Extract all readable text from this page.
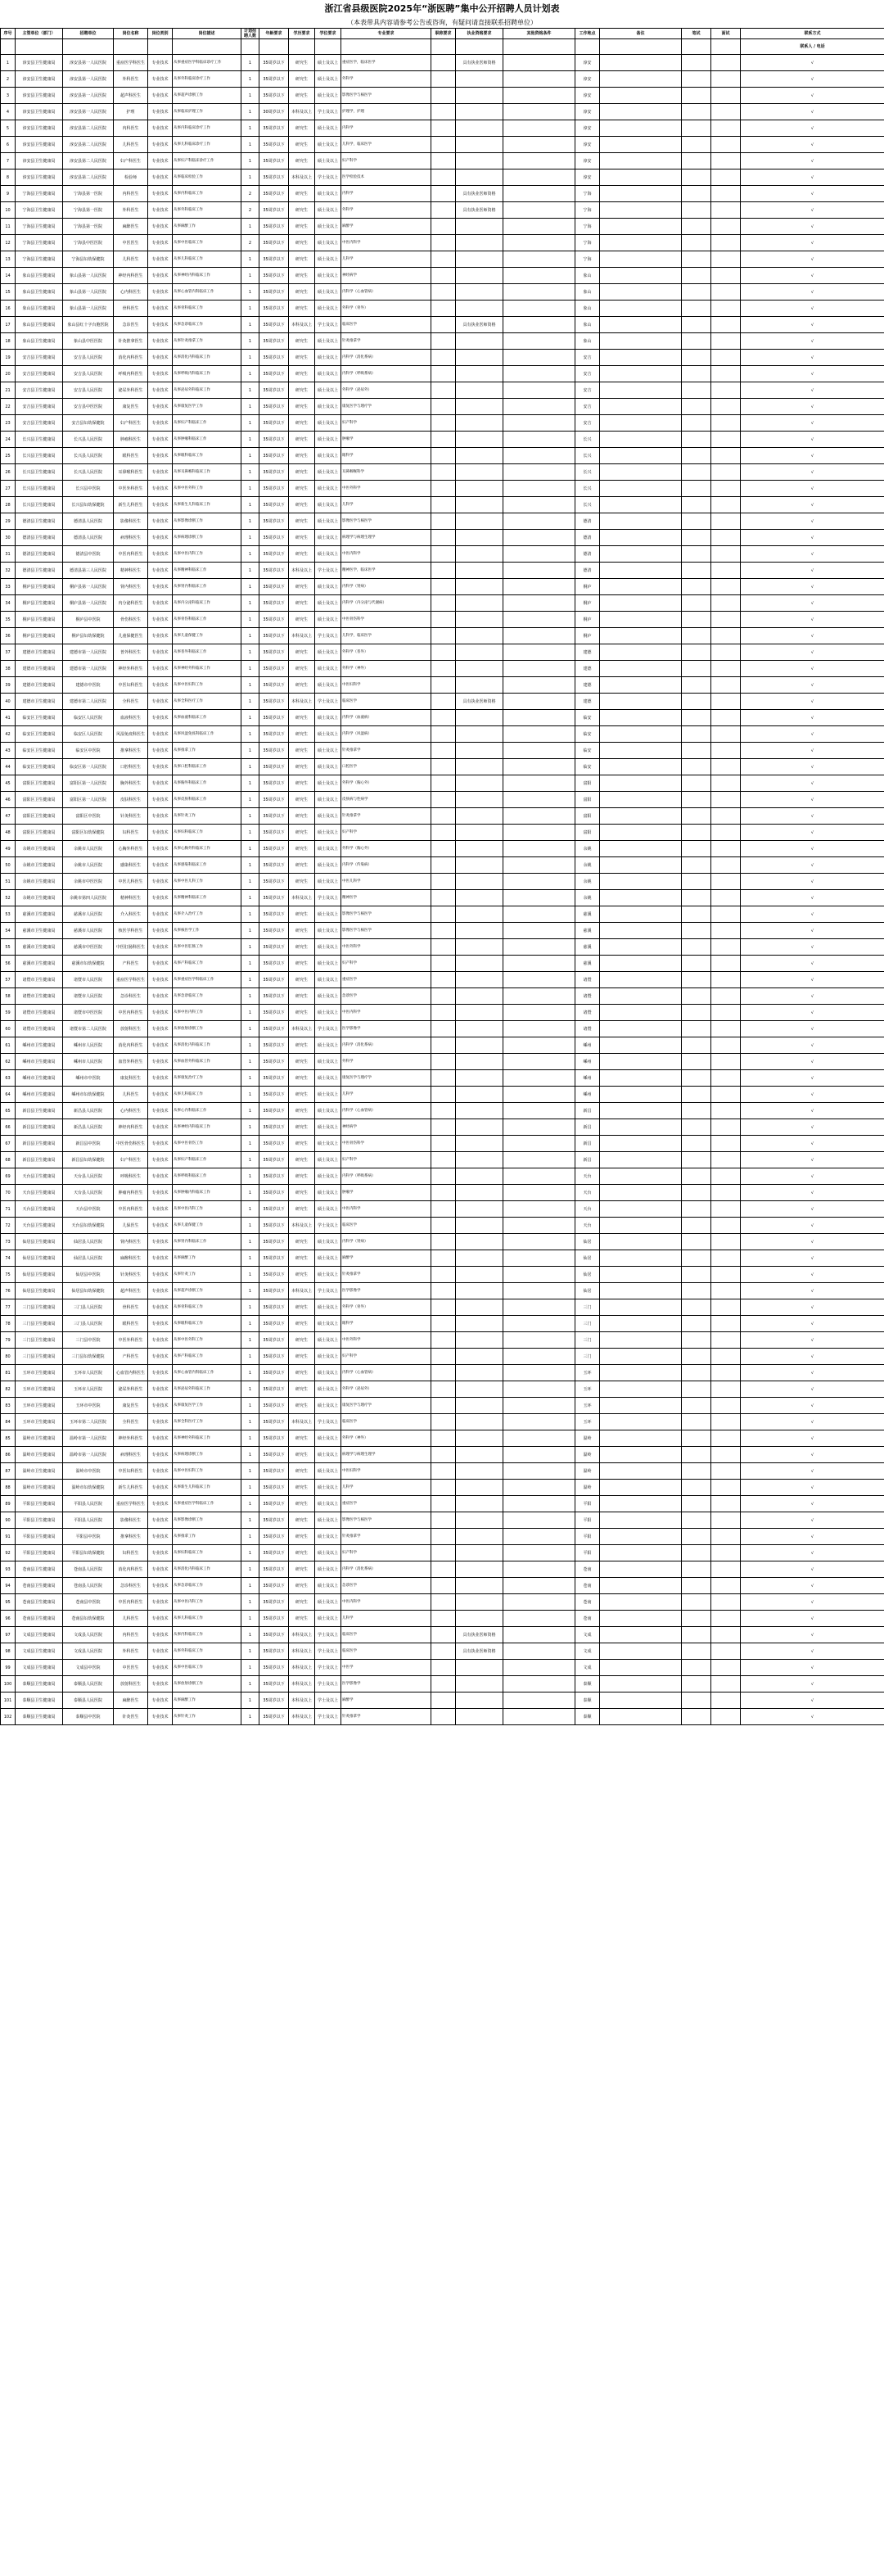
浙江省县级医院2025年“浙医聘”集中公开招聘人员计划表
（本表带具内容请参考公告或咨询，有疑问请直接联系招聘单位）
序号	主管单位（部门）	招聘单位	岗位名称	岗位类别	岗位描述	计划招聘人数	年龄要求	学历要求	学位要求	专业要求	职称要求	执业资格要求	其他资格条件	工作地点	备注	笔试	面试	联系方式
																		联系人 / 电话
1	淳安县卫生健康局	淳安县第一人民医院	重症医学科医生	专业技术	从事重症医学科临床诊疗工作	1	35周岁以下	研究生	硕士及以上	重症医学，临床医学		具有执业医师资格		淳安				√
2	淳安县卫生健康局	淳安县第一人民医院	外科医生	专业技术	从事外科临床诊疗工作	1	35周岁以下	研究生	硕士及以上	外科学				淳安				√
3	淳安县卫生健康局	淳安县第一人民医院	超声科医生	专业技术	从事超声诊断工作	1	35周岁以下	研究生	硕士及以上	影像医学与核医学				淳安				√
4	淳安县卫生健康局	淳安县第一人民医院	护理	专业技术	从事临床护理工作	1	30周岁以下	本科及以上	学士及以上	护理学，护理				淳安				√
5	淳安县卫生健康局	淳安县第二人民医院	内科医生	专业技术	从事内科临床诊疗工作	1	35周岁以下	研究生	硕士及以上	内科学				淳安				√
6	淳安县卫生健康局	淳安县第二人民医院	儿科医生	专业技术	从事儿科临床诊疗工作	1	35周岁以下	研究生	硕士及以上	儿科学，临床医学				淳安				√
7	淳安县卫生健康局	淳安县第二人民医院	妇产科医生	专业技术	从事妇产科临床诊疗工作	1	35周岁以下	研究生	硕士及以上	妇产科学				淳安				√
8	淳安县卫生健康局	淳安县第二人民医院	检验师	专业技术	从事临床检验工作	1	35周岁以下	本科及以上	学士及以上	医学检验技术				淳安				√
9	宁海县卫生健康局	宁海县第一医院	内科医生	专业技术	从事内科临床工作	2	35周岁以下	研究生	硕士及以上	内科学		具有执业医师资格		宁海				√
10	宁海县卫生健康局	宁海县第一医院	外科医生	专业技术	从事外科临床工作	2	35周岁以下	研究生	硕士及以上	外科学		具有执业医师资格		宁海				√
11	宁海县卫生健康局	宁海县第一医院	麻醉医生	专业技术	从事麻醉工作	1	35周岁以下	研究生	硕士及以上	麻醉学				宁海				√
12	宁海县卫生健康局	宁海县中医医院	中医医生	专业技术	从事中医临床工作	2	35周岁以下	研究生	硕士及以上	中医内科学				宁海				√
13	宁海县卫生健康局	宁海县妇幼保健院	儿科医生	专业技术	从事儿科临床工作	1	35周岁以下	研究生	硕士及以上	儿科学				宁海				√
14	象山县卫生健康局	象山县第一人民医院	神经内科医生	专业技术	从事神经内科临床工作	1	35周岁以下	研究生	硕士及以上	神经病学				象山				√
15	象山县卫生健康局	象山县第一人民医院	心内科医生	专业技术	从事心血管内科临床工作	1	35周岁以下	研究生	硕士及以上	内科学（心血管病）				象山				√
16	象山县卫生健康局	象山县第一人民医院	骨科医生	专业技术	从事骨科临床工作	1	35周岁以下	研究生	硕士及以上	外科学（骨外）				象山				√
17	象山县卫生健康局	象山县红十字台胞医院	急诊医生	专业技术	从事急诊临床工作	1	35周岁以下	本科及以上	学士及以上	临床医学		具有执业医师资格		象山				√
18	象山县卫生健康局	象山县中医医院	针灸推拿医生	专业技术	从事针灸推拿工作	1	35周岁以下	研究生	硕士及以上	针灸推拿学				象山				√
19	安吉县卫生健康局	安吉县人民医院	消化内科医生	专业技术	从事消化内科临床工作	1	35周岁以下	研究生	硕士及以上	内科学（消化系病）				安吉				√
20	安吉县卫生健康局	安吉县人民医院	呼吸内科医生	专业技术	从事呼吸内科临床工作	1	35周岁以下	研究生	硕士及以上	内科学（呼吸系病）				安吉				√
21	安吉县卫生健康局	安吉县人民医院	泌尿外科医生	专业技术	从事泌尿外科临床工作	1	35周岁以下	研究生	硕士及以上	外科学（泌尿外）				安吉				√
22	安吉县卫生健康局	安吉县中医医院	康复医生	专业技术	从事康复医学工作	1	35周岁以下	研究生	硕士及以上	康复医学与理疗学				安吉				√
23	安吉县卫生健康局	安吉县妇幼保健院	妇产科医生	专业技术	从事妇产科临床工作	1	35周岁以下	研究生	硕士及以上	妇产科学				安吉				√
24	长兴县卫生健康局	长兴县人民医院	肿瘤科医生	专业技术	从事肿瘤科临床工作	1	35周岁以下	研究生	硕士及以上	肿瘤学				长兴				√
25	长兴县卫生健康局	长兴县人民医院	眼科医生	专业技术	从事眼科临床工作	1	35周岁以下	研究生	硕士及以上	眼科学				长兴				√
26	长兴县卫生健康局	长兴县人民医院	耳鼻喉科医生	专业技术	从事耳鼻喉科临床工作	1	35周岁以下	研究生	硕士及以上	耳鼻咽喉科学				长兴				√
27	长兴县卫生健康局	长兴县中医院	中医外科医生	专业技术	从事中医外科工作	1	35周岁以下	研究生	硕士及以上	中医外科学				长兴				√
28	长兴县卫生健康局	长兴县妇幼保健院	新生儿科医生	专业技术	从事新生儿科临床工作	1	35周岁以下	研究生	硕士及以上	儿科学				长兴				√
29	德清县卫生健康局	德清县人民医院	影像科医生	专业技术	从事影像诊断工作	1	35周岁以下	研究生	硕士及以上	影像医学与核医学				德清				√
30	德清县卫生健康局	德清县人民医院	病理科医生	专业技术	从事病理诊断工作	1	35周岁以下	研究生	硕士及以上	病理学与病理生理学				德清				√
31	德清县卫生健康局	德清县中医院	中医内科医生	专业技术	从事中医内科工作	1	35周岁以下	研究生	硕士及以上	中医内科学				德清				√
32	德清县卫生健康局	德清县第三人民医院	精神科医生	专业技术	从事精神科临床工作	1	35周岁以下	本科及以上	学士及以上	精神医学，临床医学				德清				√
33	桐庐县卫生健康局	桐庐县第一人民医院	肾内科医生	专业技术	从事肾内科临床工作	1	35周岁以下	研究生	硕士及以上	内科学（肾病）				桐庐				√
34	桐庐县卫生健康局	桐庐县第一人民医院	内分泌科医生	专业技术	从事内分泌科临床工作	1	35周岁以下	研究生	硕士及以上	内科学（内分泌与代谢病）				桐庐				√
35	桐庐县卫生健康局	桐庐县中医院	骨伤科医生	专业技术	从事骨伤科临床工作	1	35周岁以下	研究生	硕士及以上	中医骨伤科学				桐庐				√
36	桐庐县卫生健康局	桐庐县妇幼保健院	儿童保健医生	专业技术	从事儿童保健工作	1	35周岁以下	本科及以上	学士及以上	儿科学，临床医学				桐庐				√
37	建德市卫生健康局	建德市第一人民医院	普外科医生	专业技术	从事普外科临床工作	1	35周岁以下	研究生	硕士及以上	外科学（普外）				建德				√
38	建德市卫生健康局	建德市第一人民医院	神经外科医生	专业技术	从事神经外科临床工作	1	35周岁以下	研究生	硕士及以上	外科学（神外）				建德				√
39	建德市卫生健康局	建德市中医院	中医妇科医生	专业技术	从事中医妇科工作	1	35周岁以下	研究生	硕士及以上	中医妇科学				建德				√
40	建德市卫生健康局	建德市第二人民医院	全科医生	专业技术	从事全科医疗工作	1	35周岁以下	本科及以上	学士及以上	临床医学		具有执业医师资格		建德				√
41	临安区卫生健康局	临安区人民医院	血液科医生	专业技术	从事血液科临床工作	1	35周岁以下	研究生	硕士及以上	内科学（血液病）				临安				√
42	临安区卫生健康局	临安区人民医院	风湿免疫科医生	专业技术	从事风湿免疫科临床工作	1	35周岁以下	研究生	硕士及以上	内科学（风湿病）				临安				√
43	临安区卫生健康局	临安区中医院	推拿科医生	专业技术	从事推拿工作	1	35周岁以下	研究生	硕士及以上	针灸推拿学				临安				√
44	临安区卫生健康局	临安区第一人民医院	口腔科医生	专业技术	从事口腔科临床工作	1	35周岁以下	研究生	硕士及以上	口腔医学				临安				√
45	富阳区卫生健康局	富阳区第一人民医院	胸外科医生	专业技术	从事胸外科临床工作	1	35周岁以下	研究生	硕士及以上	外科学（胸心外）				富阳				√
46	富阳区卫生健康局	富阳区第一人民医院	皮肤科医生	专业技术	从事皮肤科临床工作	1	35周岁以下	研究生	硕士及以上	皮肤病与性病学				富阳				√
47	富阳区卫生健康局	富阳区中医院	针灸科医生	专业技术	从事针灸工作	1	35周岁以下	研究生	硕士及以上	针灸推拿学				富阳				√
48	富阳区卫生健康局	富阳区妇幼保健院	妇科医生	专业技术	从事妇科临床工作	1	35周岁以下	研究生	硕士及以上	妇产科学				富阳				√
49	余姚市卫生健康局	余姚市人民医院	心胸外科医生	专业技术	从事心胸外科临床工作	1	35周岁以下	研究生	硕士及以上	外科学（胸心外）				余姚				√
50	余姚市卫生健康局	余姚市人民医院	感染科医生	专业技术	从事感染科临床工作	1	35周岁以下	研究生	硕士及以上	内科学（传染病）				余姚				√
51	余姚市卫生健康局	余姚市中医医院	中医儿科医生	专业技术	从事中医儿科工作	1	35周岁以下	研究生	硕士及以上	中医儿科学				余姚				√
52	余姚市卫生健康局	余姚市第四人民医院	精神科医生	专业技术	从事精神科临床工作	1	35周岁以下	本科及以上	学士及以上	精神医学				余姚				√
53	慈溪市卫生健康局	慈溪市人民医院	介入科医生	专业技术	从事介入治疗工作	1	35周岁以下	研究生	硕士及以上	影像医学与核医学				慈溪				√
54	慈溪市卫生健康局	慈溪市人民医院	核医学科医生	专业技术	从事核医学工作	1	35周岁以下	研究生	硕士及以上	影像医学与核医学				慈溪				√
55	慈溪市卫生健康局	慈溪市中医医院	中医肛肠科医生	专业技术	从事中医肛肠工作	1	35周岁以下	研究生	硕士及以上	中医外科学				慈溪				√
56	慈溪市卫生健康局	慈溪市妇幼保健院	产科医生	专业技术	从事产科临床工作	1	35周岁以下	研究生	硕士及以上	妇产科学				慈溪				√
57	诸暨市卫生健康局	诸暨市人民医院	重症医学科医生	专业技术	从事重症医学科临床工作	1	35周岁以下	研究生	硕士及以上	重症医学				诸暨				√
58	诸暨市卫生健康局	诸暨市人民医院	急诊科医生	专业技术	从事急诊临床工作	1	35周岁以下	研究生	硕士及以上	急诊医学				诸暨				√
59	诸暨市卫生健康局	诸暨市中医医院	中医内科医生	专业技术	从事中医内科工作	1	35周岁以下	研究生	硕士及以上	中医内科学				诸暨				√
60	诸暨市卫生健康局	诸暨市第二人民医院	放射科医生	专业技术	从事放射诊断工作	1	35周岁以下	本科及以上	学士及以上	医学影像学				诸暨				√
61	嵊州市卫生健康局	嵊州市人民医院	消化内科医生	专业技术	从事消化内科临床工作	1	35周岁以下	研究生	硕士及以上	内科学（消化系病）				嵊州				√
62	嵊州市卫生健康局	嵊州市人民医院	血管外科医生	专业技术	从事血管外科临床工作	1	35周岁以下	研究生	硕士及以上	外科学				嵊州				√
63	嵊州市卫生健康局	嵊州市中医院	康复科医生	专业技术	从事康复治疗工作	1	35周岁以下	研究生	硕士及以上	康复医学与理疗学				嵊州				√
64	嵊州市卫生健康局	嵊州市妇幼保健院	儿科医生	专业技术	从事儿科临床工作	1	35周岁以下	研究生	硕士及以上	儿科学				嵊州				√
65	新昌县卫生健康局	新昌县人民医院	心内科医生	专业技术	从事心内科临床工作	1	35周岁以下	研究生	硕士及以上	内科学（心血管病）				新昌				√
66	新昌县卫生健康局	新昌县人民医院	神经内科医生	专业技术	从事神经内科临床工作	1	35周岁以下	研究生	硕士及以上	神经病学				新昌				√
67	新昌县卫生健康局	新昌县中医院	中医骨伤科医生	专业技术	从事中医骨伤工作	1	35周岁以下	研究生	硕士及以上	中医骨伤科学				新昌				√
68	新昌县卫生健康局	新昌县妇幼保健院	妇产科医生	专业技术	从事妇产科临床工作	1	35周岁以下	研究生	硕士及以上	妇产科学				新昌				√
69	天台县卫生健康局	天台县人民医院	呼吸科医生	专业技术	从事呼吸科临床工作	1	35周岁以下	研究生	硕士及以上	内科学（呼吸系病）				天台				√
70	天台县卫生健康局	天台县人民医院	肿瘤内科医生	专业技术	从事肿瘤内科临床工作	1	35周岁以下	研究生	硕士及以上	肿瘤学				天台				√
71	天台县卫生健康局	天台县中医院	中医内科医生	专业技术	从事中医内科工作	1	35周岁以下	研究生	硕士及以上	中医内科学				天台				√
72	天台县卫生健康局	天台县妇幼保健院	儿保医生	专业技术	从事儿童保健工作	1	35周岁以下	本科及以上	学士及以上	临床医学				天台				√
73	仙居县卫生健康局	仙居县人民医院	肾内科医生	专业技术	从事肾内科临床工作	1	35周岁以下	研究生	硕士及以上	内科学（肾病）				仙居				√
74	仙居县卫生健康局	仙居县人民医院	麻醉科医生	专业技术	从事麻醉工作	1	35周岁以下	研究生	硕士及以上	麻醉学				仙居				√
75	仙居县卫生健康局	仙居县中医院	针灸科医生	专业技术	从事针灸工作	1	35周岁以下	研究生	硕士及以上	针灸推拿学				仙居				√
76	仙居县卫生健康局	仙居县妇幼保健院	超声科医生	专业技术	从事超声诊断工作	1	35周岁以下	本科及以上	学士及以上	医学影像学				仙居				√
77	三门县卫生健康局	三门县人民医院	骨科医生	专业技术	从事骨科临床工作	1	35周岁以下	研究生	硕士及以上	外科学（骨外）				三门				√
78	三门县卫生健康局	三门县人民医院	眼科医生	专业技术	从事眼科临床工作	1	35周岁以下	研究生	硕士及以上	眼科学				三门				√
79	三门县卫生健康局	三门县中医院	中医外科医生	专业技术	从事中医外科工作	1	35周岁以下	研究生	硕士及以上	中医外科学				三门				√
80	三门县卫生健康局	三门县妇幼保健院	产科医生	专业技术	从事产科临床工作	1	35周岁以下	研究生	硕士及以上	妇产科学				三门				√
81	玉环市卫生健康局	玉环市人民医院	心血管内科医生	专业技术	从事心血管内科临床工作	1	35周岁以下	研究生	硕士及以上	内科学（心血管病）				玉环				√
82	玉环市卫生健康局	玉环市人民医院	泌尿外科医生	专业技术	从事泌尿外科临床工作	1	35周岁以下	研究生	硕士及以上	外科学（泌尿外）				玉环				√
83	玉环市卫生健康局	玉环市中医院	康复医生	专业技术	从事康复医学工作	1	35周岁以下	研究生	硕士及以上	康复医学与理疗学				玉环				√
84	玉环市卫生健康局	玉环市第二人民医院	全科医生	专业技术	从事全科医疗工作	1	35周岁以下	本科及以上	学士及以上	临床医学				玉环				√
85	温岭市卫生健康局	温岭市第一人民医院	神经外科医生	专业技术	从事神经外科临床工作	1	35周岁以下	研究生	硕士及以上	外科学（神外）				温岭				√
86	温岭市卫生健康局	温岭市第一人民医院	病理科医生	专业技术	从事病理诊断工作	1	35周岁以下	研究生	硕士及以上	病理学与病理生理学				温岭				√
87	温岭市卫生健康局	温岭市中医院	中医妇科医生	专业技术	从事中医妇科工作	1	35周岁以下	研究生	硕士及以上	中医妇科学				温岭				√
88	温岭市卫生健康局	温岭市妇幼保健院	新生儿科医生	专业技术	从事新生儿科临床工作	1	35周岁以下	研究生	硕士及以上	儿科学				温岭				√
89	平阳县卫生健康局	平阳县人民医院	重症医学科医生	专业技术	从事重症医学科临床工作	1	35周岁以下	研究生	硕士及以上	重症医学				平阳				√
90	平阳县卫生健康局	平阳县人民医院	影像科医生	专业技术	从事影像诊断工作	1	35周岁以下	研究生	硕士及以上	影像医学与核医学				平阳				√
91	平阳县卫生健康局	平阳县中医院	推拿科医生	专业技术	从事推拿工作	1	35周岁以下	研究生	硕士及以上	针灸推拿学				平阳				√
92	平阳县卫生健康局	平阳县妇幼保健院	妇科医生	专业技术	从事妇科临床工作	1	35周岁以下	研究生	硕士及以上	妇产科学				平阳				√
93	苍南县卫生健康局	苍南县人民医院	消化内科医生	专业技术	从事消化内科临床工作	1	35周岁以下	研究生	硕士及以上	内科学（消化系病）				苍南				√
94	苍南县卫生健康局	苍南县人民医院	急诊科医生	专业技术	从事急诊临床工作	1	35周岁以下	研究生	硕士及以上	急诊医学				苍南				√
95	苍南县卫生健康局	苍南县中医院	中医内科医生	专业技术	从事中医内科工作	1	35周岁以下	研究生	硕士及以上	中医内科学				苍南				√
96	苍南县卫生健康局	苍南县妇幼保健院	儿科医生	专业技术	从事儿科临床工作	1	35周岁以下	研究生	硕士及以上	儿科学				苍南				√
97	文成县卫生健康局	文成县人民医院	内科医生	专业技术	从事内科临床工作	1	35周岁以下	本科及以上	学士及以上	临床医学		具有执业医师资格		文成				√
98	文成县卫生健康局	文成县人民医院	外科医生	专业技术	从事外科临床工作	1	35周岁以下	本科及以上	学士及以上	临床医学		具有执业医师资格		文成				√
99	文成县卫生健康局	文成县中医院	中医医生	专业技术	从事中医临床工作	1	35周岁以下	本科及以上	学士及以上	中医学				文成				√
100	泰顺县卫生健康局	泰顺县人民医院	放射科医生	专业技术	从事放射诊断工作	1	35周岁以下	本科及以上	学士及以上	医学影像学				泰顺				√
101	泰顺县卫生健康局	泰顺县人民医院	麻醉医生	专业技术	从事麻醉工作	1	35周岁以下	本科及以上	学士及以上	麻醉学				泰顺				√
102	泰顺县卫生健康局	泰顺县中医院	针灸医生	专业技术	从事针灸工作	1	35周岁以下	本科及以上	学士及以上	针灸推拿学				泰顺				√
